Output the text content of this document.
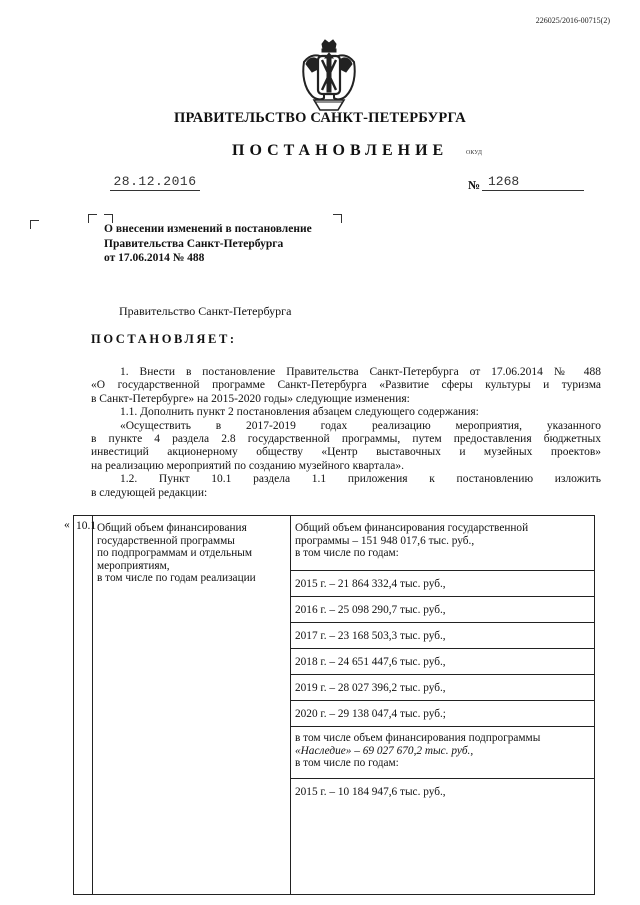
226025/2016-00715(2)
ПРАВИТЕЛЬСТВО САНКТ-ПЕТЕРБУРГА
ПОСТАНОВЛЕНИЕ	ОКУД
28.12.2016	№ 1268
О внесении изменений в постановление
Правительства Санкт-Петербурга
от 17.06.2014 № 488
Правительство Санкт-Петербурга
ПОСТАНОВЛЯЕТ:
1. Внести в постановление Правительства Санкт-Петербурга от 17.06.2014 № 488
«О государственной программе Санкт-Петербурга «Развитие сферы культуры и туризма
в Санкт-Петербурге» на 2015-2020 годы» следующие изменения:
1.1. Дополнить пункт 2 постановления абзацем следующего содержания:
«Осуществить в 2017-2019 годах реализацию мероприятия, указанного
в пункте 4 раздела 2.8 государственной программы, путем предоставления бюджетных
инвестиций акционерному обществу «Центр выставочных и музейных проектов»
на реализацию мероприятий по созданию музейного квартала».
1.2. Пункт 10.1 раздела 1.1 приложения к постановлению изложить
в следующей редакции:
« 10.1 Общий объем финансирования
государственной программы
по подпрограммам и отдельным
мероприятиям,
в том числе по годам реализации
Общий объем финансирования государственной
программы – 151 948 017,6 тыс. руб.,
в том числе по годам:
2015 г. – 21 864 332,4 тыс. руб.,
2016 г. – 25 098 290,7 тыс. руб.,
2017 г. – 23 168 503,3 тыс. руб.,
2018 г. – 24 651 447,6 тыс. руб.,
2019 г. – 28 027 396,2 тыс. руб.,
2020 г. – 29 138 047,4 тыс. руб.;
в том числе объем финансирования подпрограммы
«Наследие» – 69 027 670,2 тыс. руб.,
в том числе по годам:
2015 г. – 10 184 947,6 тыс. руб.,
